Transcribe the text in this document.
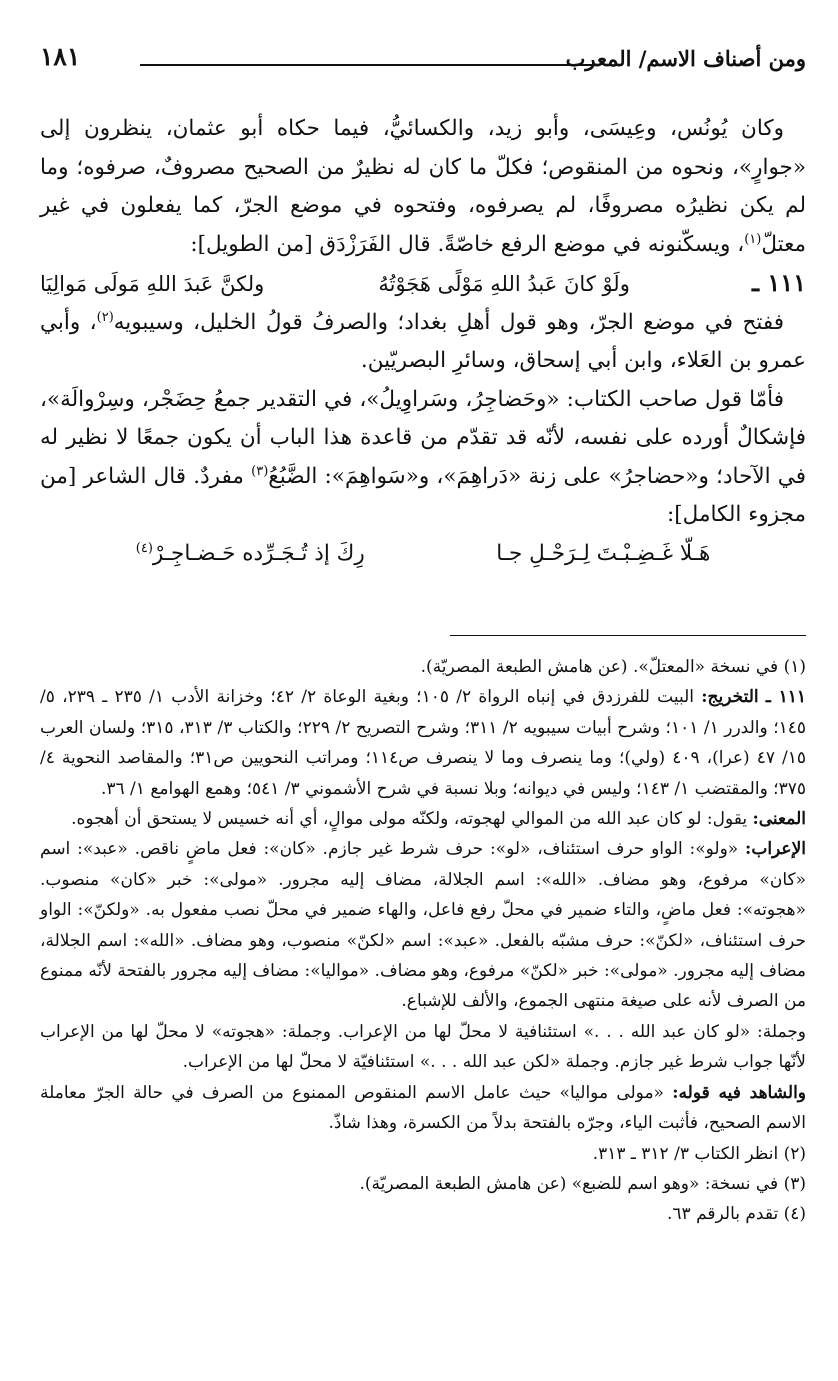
ومن أصناف الاسم/ المعرب
١٨١

وكان يُونُس، وعِيسَى، وأبو زيد، والكسائيُّ، فيما حكاه أبو عثمان، ينظرون إلى «جوارٍ»، ونحوه من المنقوص؛ فكلّ ما كان له نظيرٌ من الصحيح مصروفٌ، صرفوه؛ وما لم يكن نظيرُه مصروفًا، لم يصرفوه، وفتحوه في موضع الجرّ، كما يفعلون في غير معتلّ$^{(١)}$، ويسكّنونه في موضع الرفع خاصّةً. قال الفَرَزْدَق [من الطويل]:

١١١ ـ
ولَوْ كانَ عَبدُ اللهِ مَوْلًى هَجَوْتُهُ
ولكنَّ عَبدَ اللهِ مَولَى مَوالِيَا

ففتح في موضع الجرّ، وهو قول أهلِ بغداد؛ والصرفُ قولُ الخليل، وسيبويه$^{(٢)}$، وأبي عمرو بن العَلاء، وابن أبي إسحاق، وسائرِ البصريّين.

فأمّا قول صاحب الكتاب: «وحَضاجِرُ، وسَراوِيلُ»، في التقدير جمعُ حِضَجْر، وسِرْوالَة»، فإشكالٌ أورده على نفسه، لأنّه قد تقدّم من قاعدة هذا الباب أن يكون جمعًا لا نظير له في الآحاد؛ و«حضاجرُ» على زنة «دَراهِمَ»، و«سَواهِمَ»: الضَّبُعُ$^{(٣)}$ مفردٌ. قال الشاعر [من مجزوء الكامل]:

هَـلّا غَـضِـبْـتَ لِـرَحْـلِ جـا
رِكَ إذ تُـجَـرِّده حَـضـاجِـرْ$^{(٤)}$

(١) في نسخة «المعتلّ». (عن هامش الطبعة المصريّة).

١١١ ـ التخريج: البيت للفرزدق في إنباه الرواة ٢/ ١٠٥؛ وبغية الوعاة ٢/ ٤٢؛ وخزانة الأدب ١/ ٢٣٥ ـ ٢٣٩، ٥/ ١٤٥؛ والدرر ١/ ١٠١؛ وشرح أبيات سيبويه ٢/ ٣١١؛ وشرح التصريح ٢/ ٢٢٩؛ والكتاب ٣/ ٣١٣، ٣١٥؛ ولسان العرب ١٥/ ٤٧ (عرا)، ٤٠٩ (ولي)؛ وما ينصرف وما لا ينصرف ص١١٤؛ ومراتب النحويين ص٣١؛ والمقاصد النحوية ٤/ ٣٧٥؛ والمقتضب ١/ ١٤٣؛ وليس في ديوانه؛ وبلا نسبة في شرح الأشموني ٣/ ٥٤١؛ وهمع الهوامع ١/ ٣٦.

المعنى: يقول: لو كان عبد الله من الموالي لهجوته، ولكنّه مولى موالٍ، أي أنه خسيس لا يستحق أن أهجوه.

الإعراب: «ولو»: الواو حرف استئناف، «لو»: حرف شرط غير جازم. «كان»: فعل ماضٍ ناقص. «عبد»: اسم «كان» مرفوع، وهو مضاف. «الله»: اسم الجلالة، مضاف إليه مجرور. «مولى»: خبر «كان» منصوب. «هجوته»: فعل ماضٍ، والتاء ضمير في محلّ رفع فاعل، والهاء ضمير في محلّ نصب مفعول به. «ولكنّ»: الواو حرف استئناف، «لكنّ»: حرف مشبّه بالفعل. «عبد»: اسم «لكنّ» منصوب، وهو مضاف. «الله»: اسم الجلالة، مضاف إليه مجرور. «مولى»: خبر «لكنّ» مرفوع، وهو مضاف. «مواليا»: مضاف إليه مجرور بالفتحة لأنّه ممنوع من الصرف لأنه على صيغة منتهى الجموع، والألف للإشباع.

وجملة: «لو كان عبد الله . . .» استئنافية لا محلّ لها من الإعراب. وجملة: «هجوته» لا محلّ لها من الإعراب لأنّها جواب شرط غير جازم. وجملة «لكن عبد الله . . .» استئنافيّة لا محلّ لها من الإعراب.

والشاهد فيه قوله: «مولى مواليا» حيث عامل الاسم المنقوص الممنوع من الصرف في حالة الجرّ معاملة الاسم الصحيح، فأثبت الياء، وجرّه بالفتحة بدلاً من الكسرة، وهذا شاذّ.

(٢) انظر الكتاب ٣/ ٣١٢ ـ ٣١٣.

(٣) في نسخة: «وهو اسم للضبع» (عن هامش الطبعة المصريّة).

(٤) تقدم بالرقم ٦٣.
